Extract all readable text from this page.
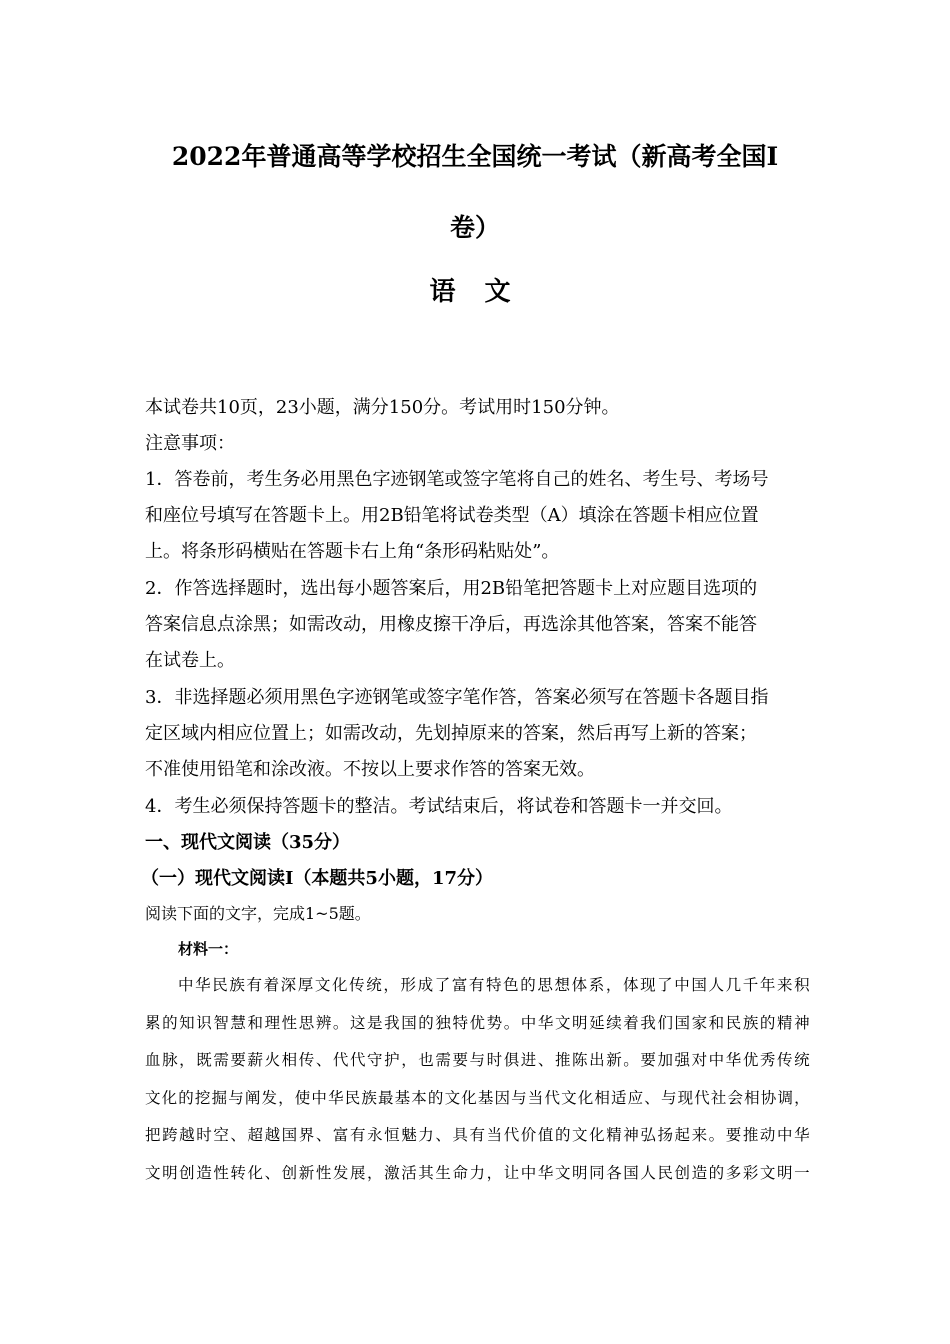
2022年普通高等学校招生全国统一考试（新高考全国Ⅰ
卷）
语 文
本试卷共10页，23小题，满分150分。考试用时150分钟。
注意事项：
1．答卷前，考生务必用黑色字迹钢笔或签字笔将自己的姓名、考生号、考场号
和座位号填写在答题卡上。用2B铅笔将试卷类型（A）填涂在答题卡相应位置
上。将条形码横贴在答题卡右上角“条形码粘贴处”。
2．作答选择题时，选出每小题答案后，用2B铅笔把答题卡上对应题目选项的
答案信息点涂黑；如需改动，用橡皮擦干净后，再选涂其他答案，答案不能答
在试卷上。
3．非选择题必须用黑色字迹钢笔或签字笔作答，答案必须写在答题卡各题目指
定区域内相应位置上；如需改动，先划掉原来的答案，然后再写上新的答案；
不准使用铅笔和涂改液。不按以上要求作答的答案无效。
4．考生必须保持答题卡的整洁。考试结束后，将试卷和答题卡一并交回。
一、现代文阅读（35分）
（一）现代文阅读Ⅰ（本题共5小题，17分）
阅读下面的文字，完成1~5题。
材料一：
中华民族有着深厚文化传统，形成了富有特色的思想体系，体现了中国人几千年来积
累的知识智慧和理性思辨。这是我国的独特优势。中华文明延续着我们国家和民族的精神
血脉，既需要薪火相传、代代守护，也需要与时俱进、推陈出新。要加强对中华优秀传统
文化的挖掘与阐发，使中华民族最基本的文化基因与当代文化相适应、与现代社会相协调，
把跨越时空、超越国界、富有永恒魅力、具有当代价值的文化精神弘扬起来。要推动中华
文明创造性转化、创新性发展，激活其生命力，让中华文明同各国人民创造的多彩文明一
